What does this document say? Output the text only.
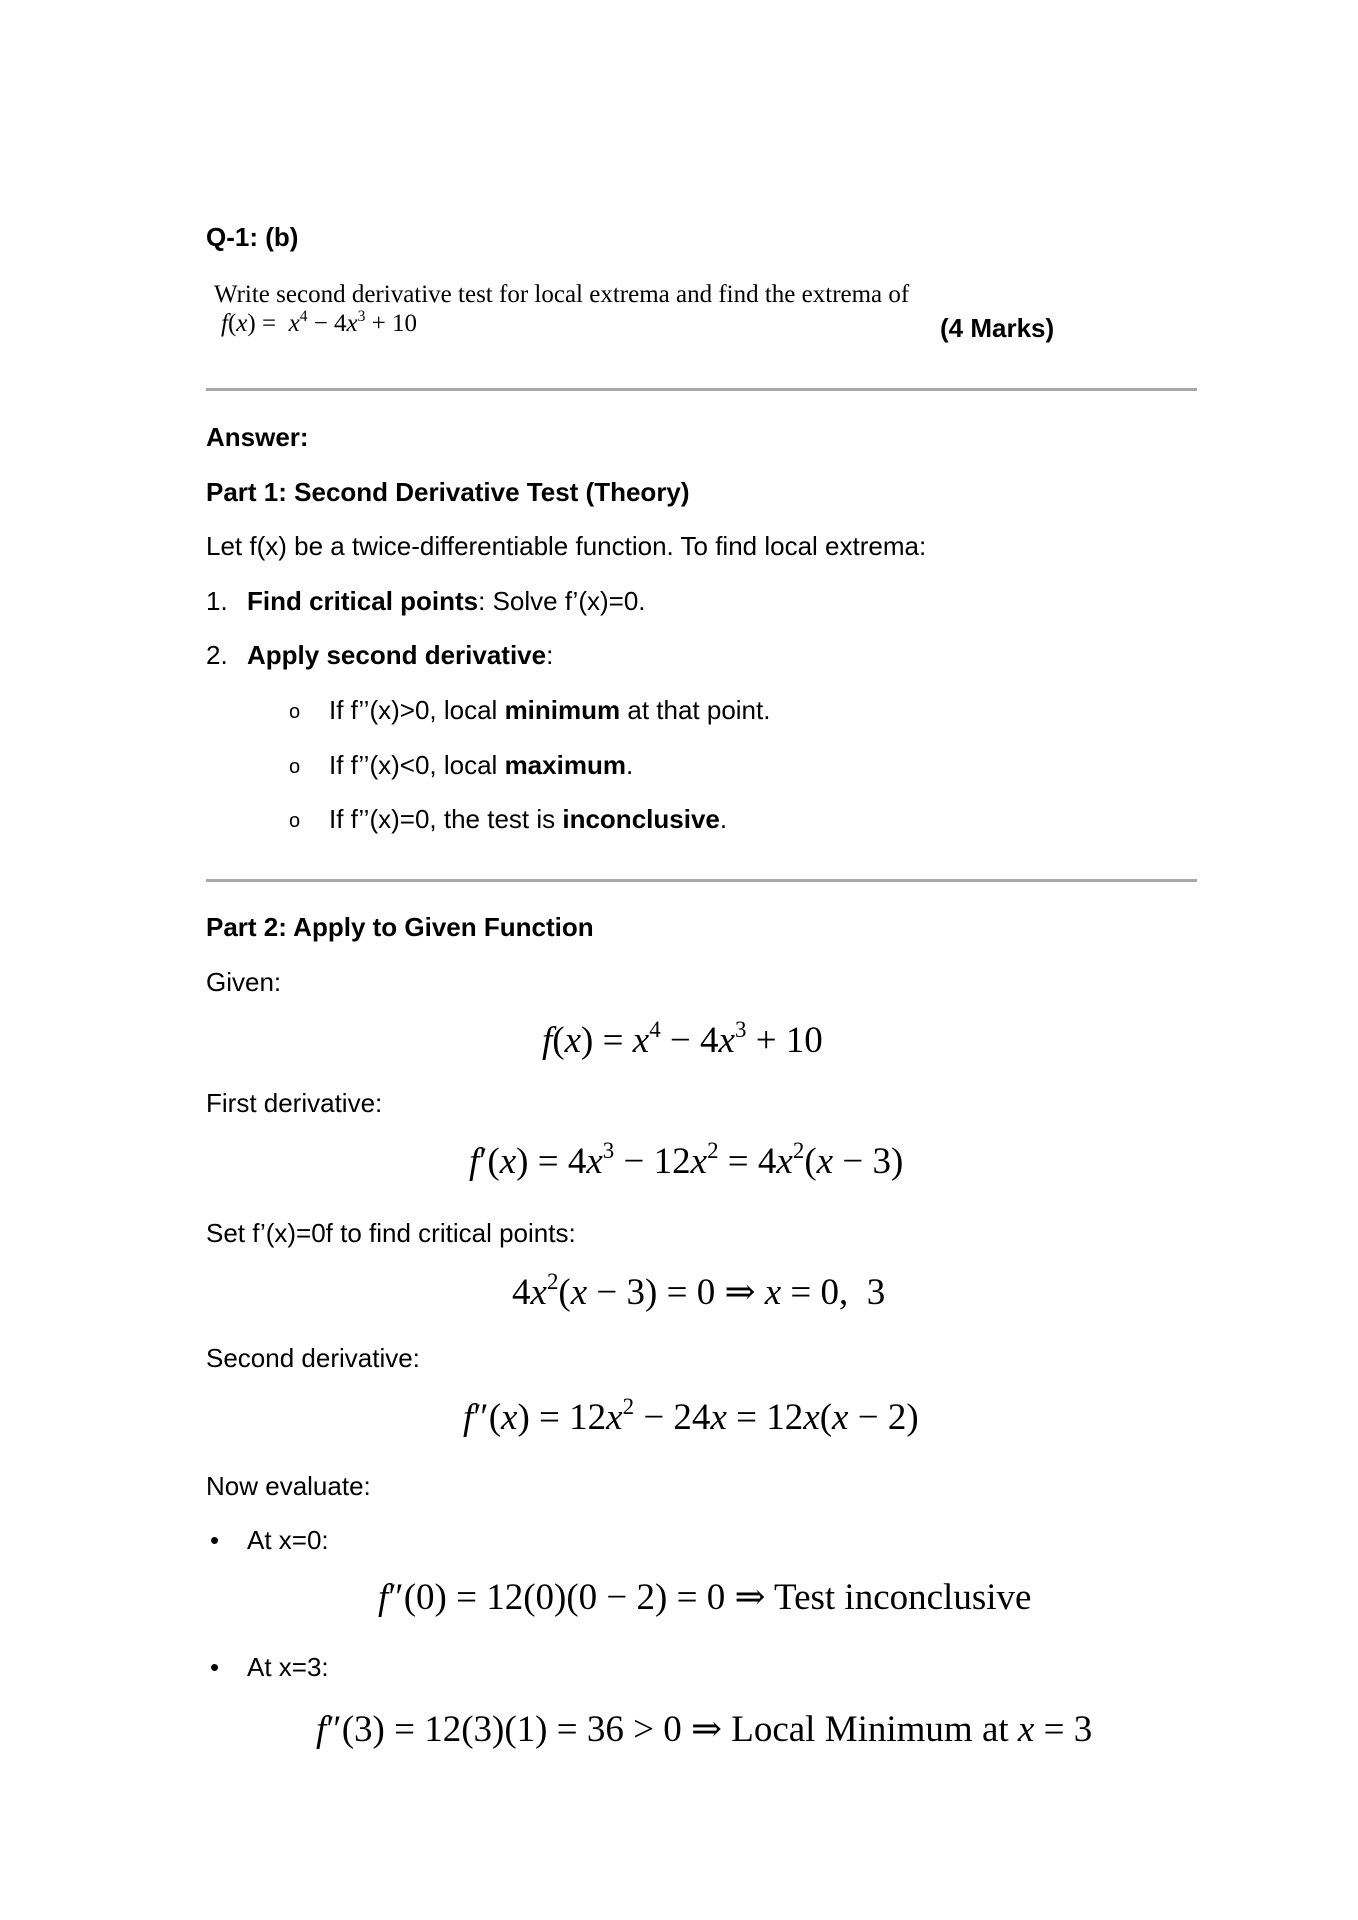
Q-1: (b)
Write second derivative test for local extrema and find the extrema of
$f(x) = x^4 - 4x^3 + 10$	(4 Marks)
Answer:
Part 1: Second Derivative Test (Theory)
Let f(x) be a twice-differentiable function. To find local extrema:
1. Find critical points: Solve f’(x)=0.
2. Apply second derivative:
o If f’’(x)>0, local minimum at that point.
o If f’’(x)<0, local maximum.
o If f’’(x)=0, the test is inconclusive.
Part 2: Apply to Given Function
Given:
$f(x) = x^4 - 4x^3 + 10$
First derivative:
$f'(x) = 4x^3 - 12x^2 = 4x^2(x - 3)$
Set f’(x)=0f to find critical points:
$4x^2(x - 3) = 0$ ⇒ x = 0,  3
Second derivative:
$f''(x) = 12x^2 - 24x = 12x(x - 2)$
Now evaluate:
• At x=0:
f″(0) = 12(0)(0 − 2) = 0 ⇒ Test inconclusive
• At x=3:
f″(3) = 12(3)(1) = 36 > 0 ⇒ Local Minimum at x = 3
